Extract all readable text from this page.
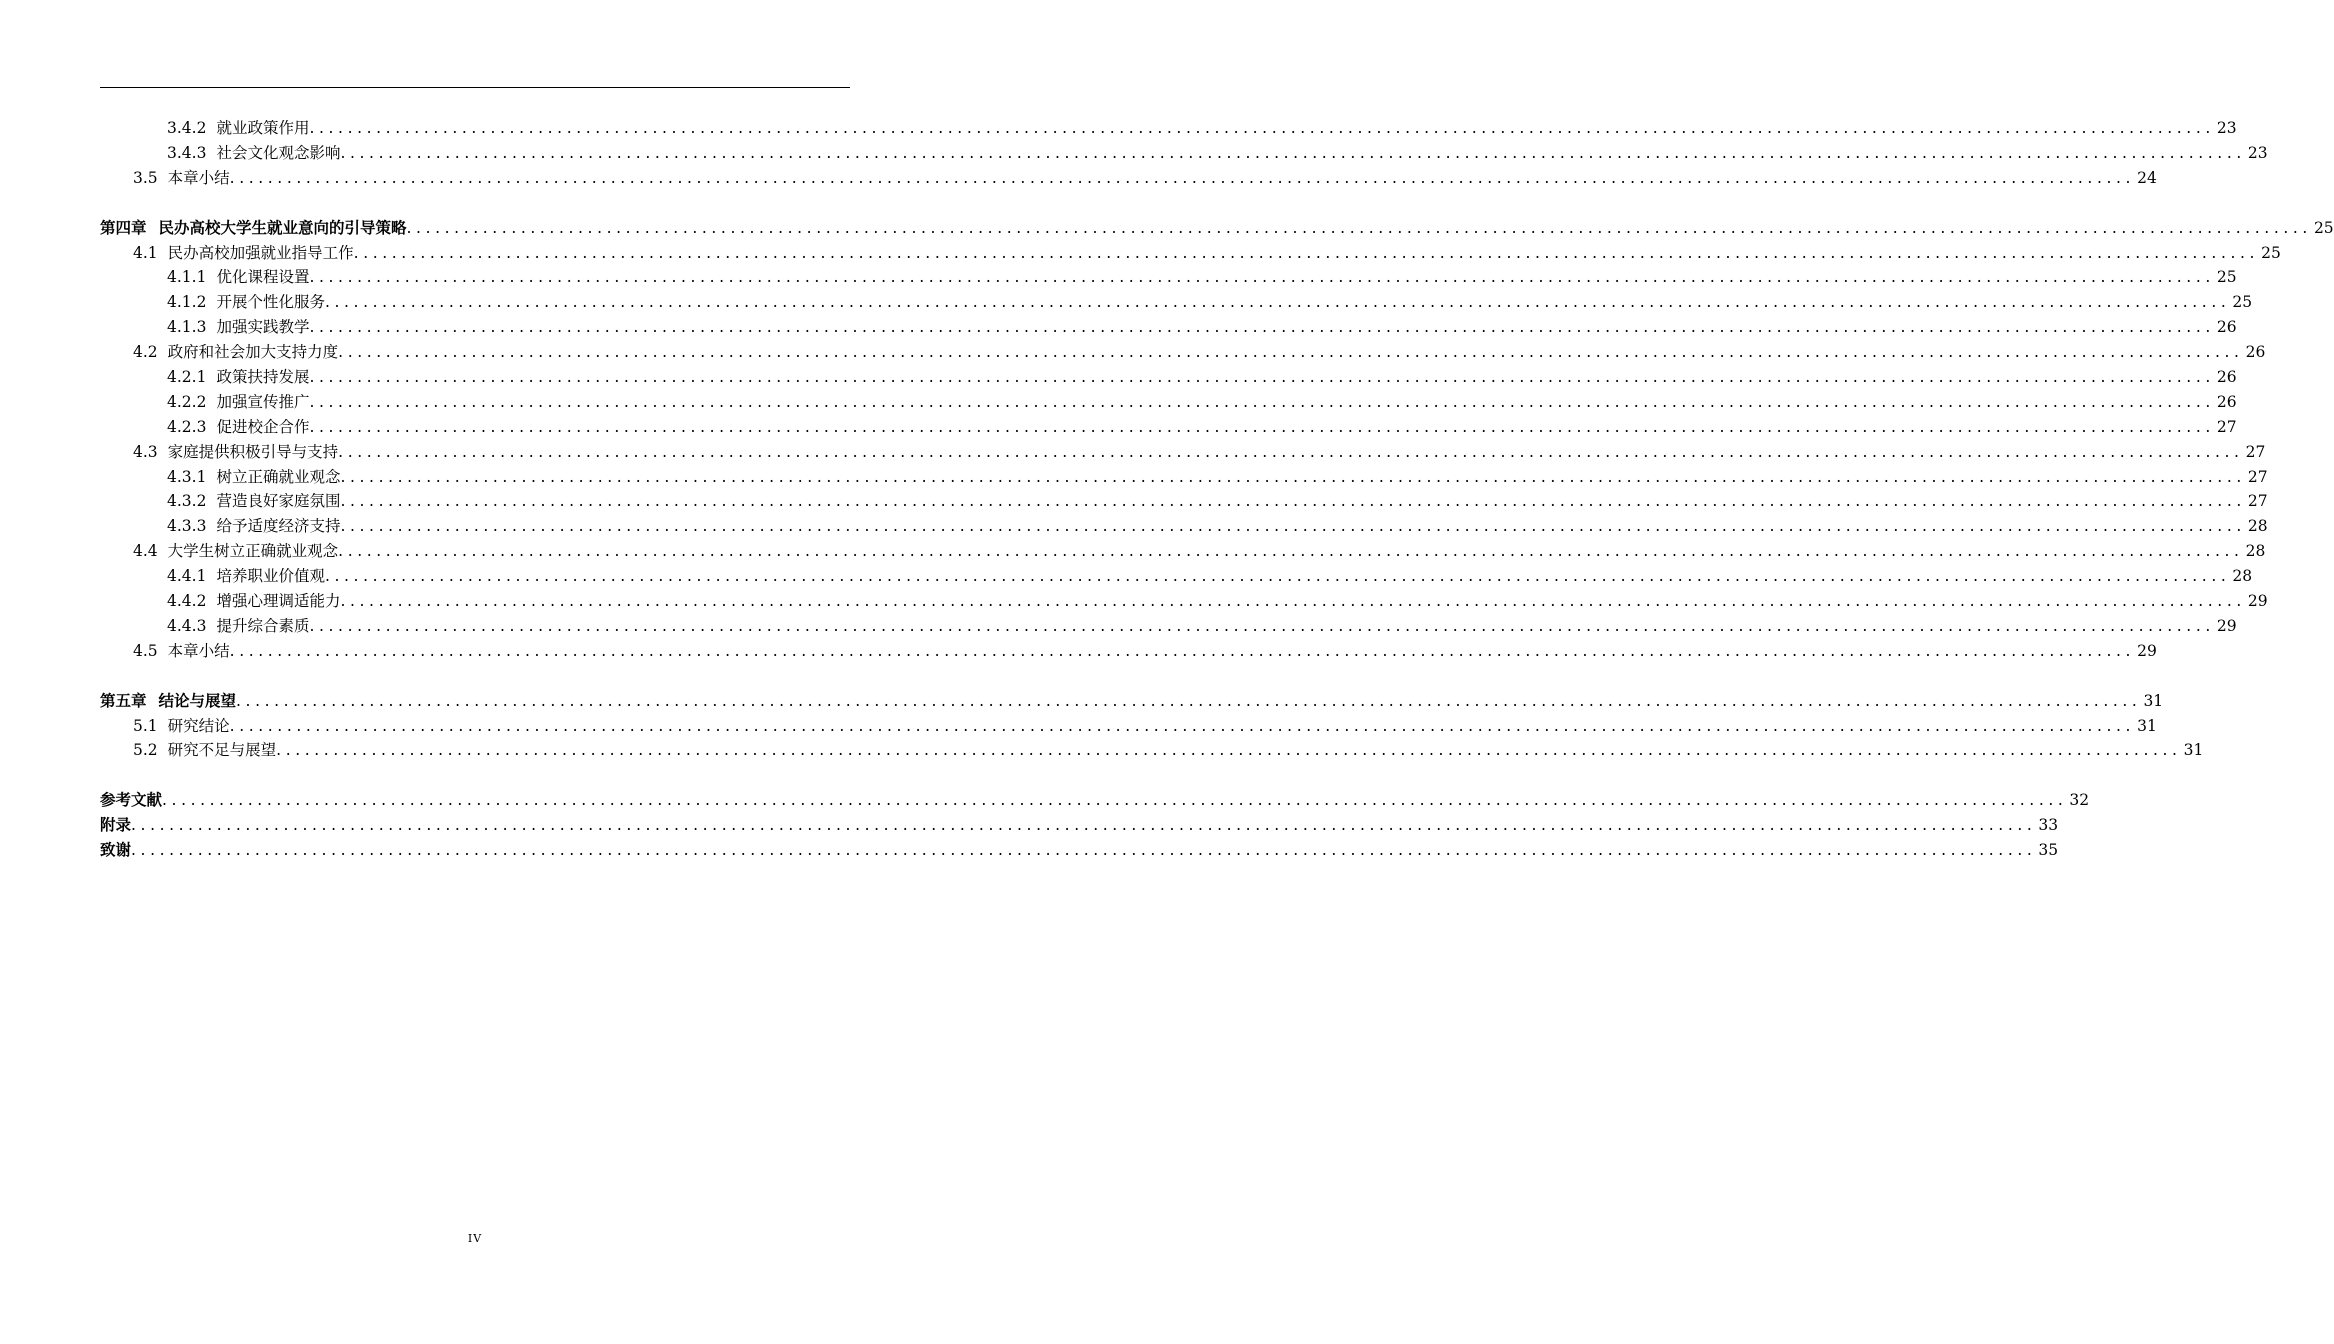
3.4.2 就业政策作用 ........................................................................................................................................................................................................ 23
3.4.3 社会文化观念影响 ........................................................................................................................................................................................................ 23
3.5 本章小结 ........................................................................................................................................................................................................ 24
第四章 民办高校大学生就业意向的引导策略 ........................................................................................................................................................................................................ 25
4.1 民办高校加强就业指导工作 ........................................................................................................................................................................................................ 25
4.1.1 优化课程设置 ........................................................................................................................................................................................................ 25
4.1.2 开展个性化服务 ........................................................................................................................................................................................................ 25
4.1.3 加强实践教学 ........................................................................................................................................................................................................ 26
4.2 政府和社会加大支持力度 ........................................................................................................................................................................................................ 26
4.2.1 政策扶持发展 ........................................................................................................................................................................................................ 26
4.2.2 加强宣传推广 ........................................................................................................................................................................................................ 26
4.2.3 促进校企合作 ........................................................................................................................................................................................................ 27
4.3 家庭提供积极引导与支持 ........................................................................................................................................................................................................ 27
4.3.1 树立正确就业观念 ........................................................................................................................................................................................................ 27
4.3.2 营造良好家庭氛围 ........................................................................................................................................................................................................ 27
4.3.3 给予适度经济支持 ........................................................................................................................................................................................................ 28
4.4 大学生树立正确就业观念 ........................................................................................................................................................................................................ 28
4.4.1 培养职业价值观 ........................................................................................................................................................................................................ 28
4.4.2 增强心理调适能力 ........................................................................................................................................................................................................ 29
4.4.3 提升综合素质 ........................................................................................................................................................................................................ 29
4.5 本章小结 ........................................................................................................................................................................................................ 29
第五章 结论与展望 ........................................................................................................................................................................................................ 31
5.1 研究结论 ........................................................................................................................................................................................................ 31
5.2 研究不足与展望 ........................................................................................................................................................................................................ 31
参考文献 ........................................................................................................................................................................................................ 32
附录 ........................................................................................................................................................................................................ 33
致谢 ........................................................................................................................................................................................................ 35
IV
